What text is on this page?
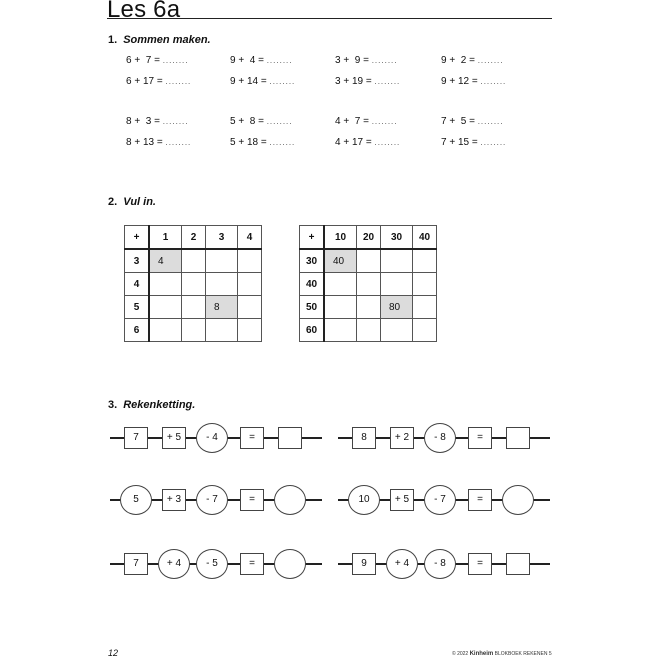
Les 6a
1. Sommen maken.
6 +  7 = ........	9 +  4 = ........	3 +  9 = ........	9 +  2 = ........
6 + 17 = ........	9 + 14 = ........	3 + 19 = ........	9 + 12 = ........
8 +  3 = ........	5 +  8 = ........	4 +  7 = ........	7 +  5 = ........
8 + 13 = ........	5 + 18 = ........	4 + 17 = ........	7 + 15 = ........
2. Vul in.
+	1	2	3	4
3	4			
4				
5			8	
6				
+	10	20	30	40
30	40			
40				
50			80	
60				
3. Rekenketting.
7	+ 5	- 4	=	8	+ 2	- 8	=
5	+ 3	- 7	=	10	+ 5	- 7	=
7	+ 4	- 5	=	9	+ 4	- 8	=
12	© 2022 Kinheim BLOKBOEK REKENEN 5
